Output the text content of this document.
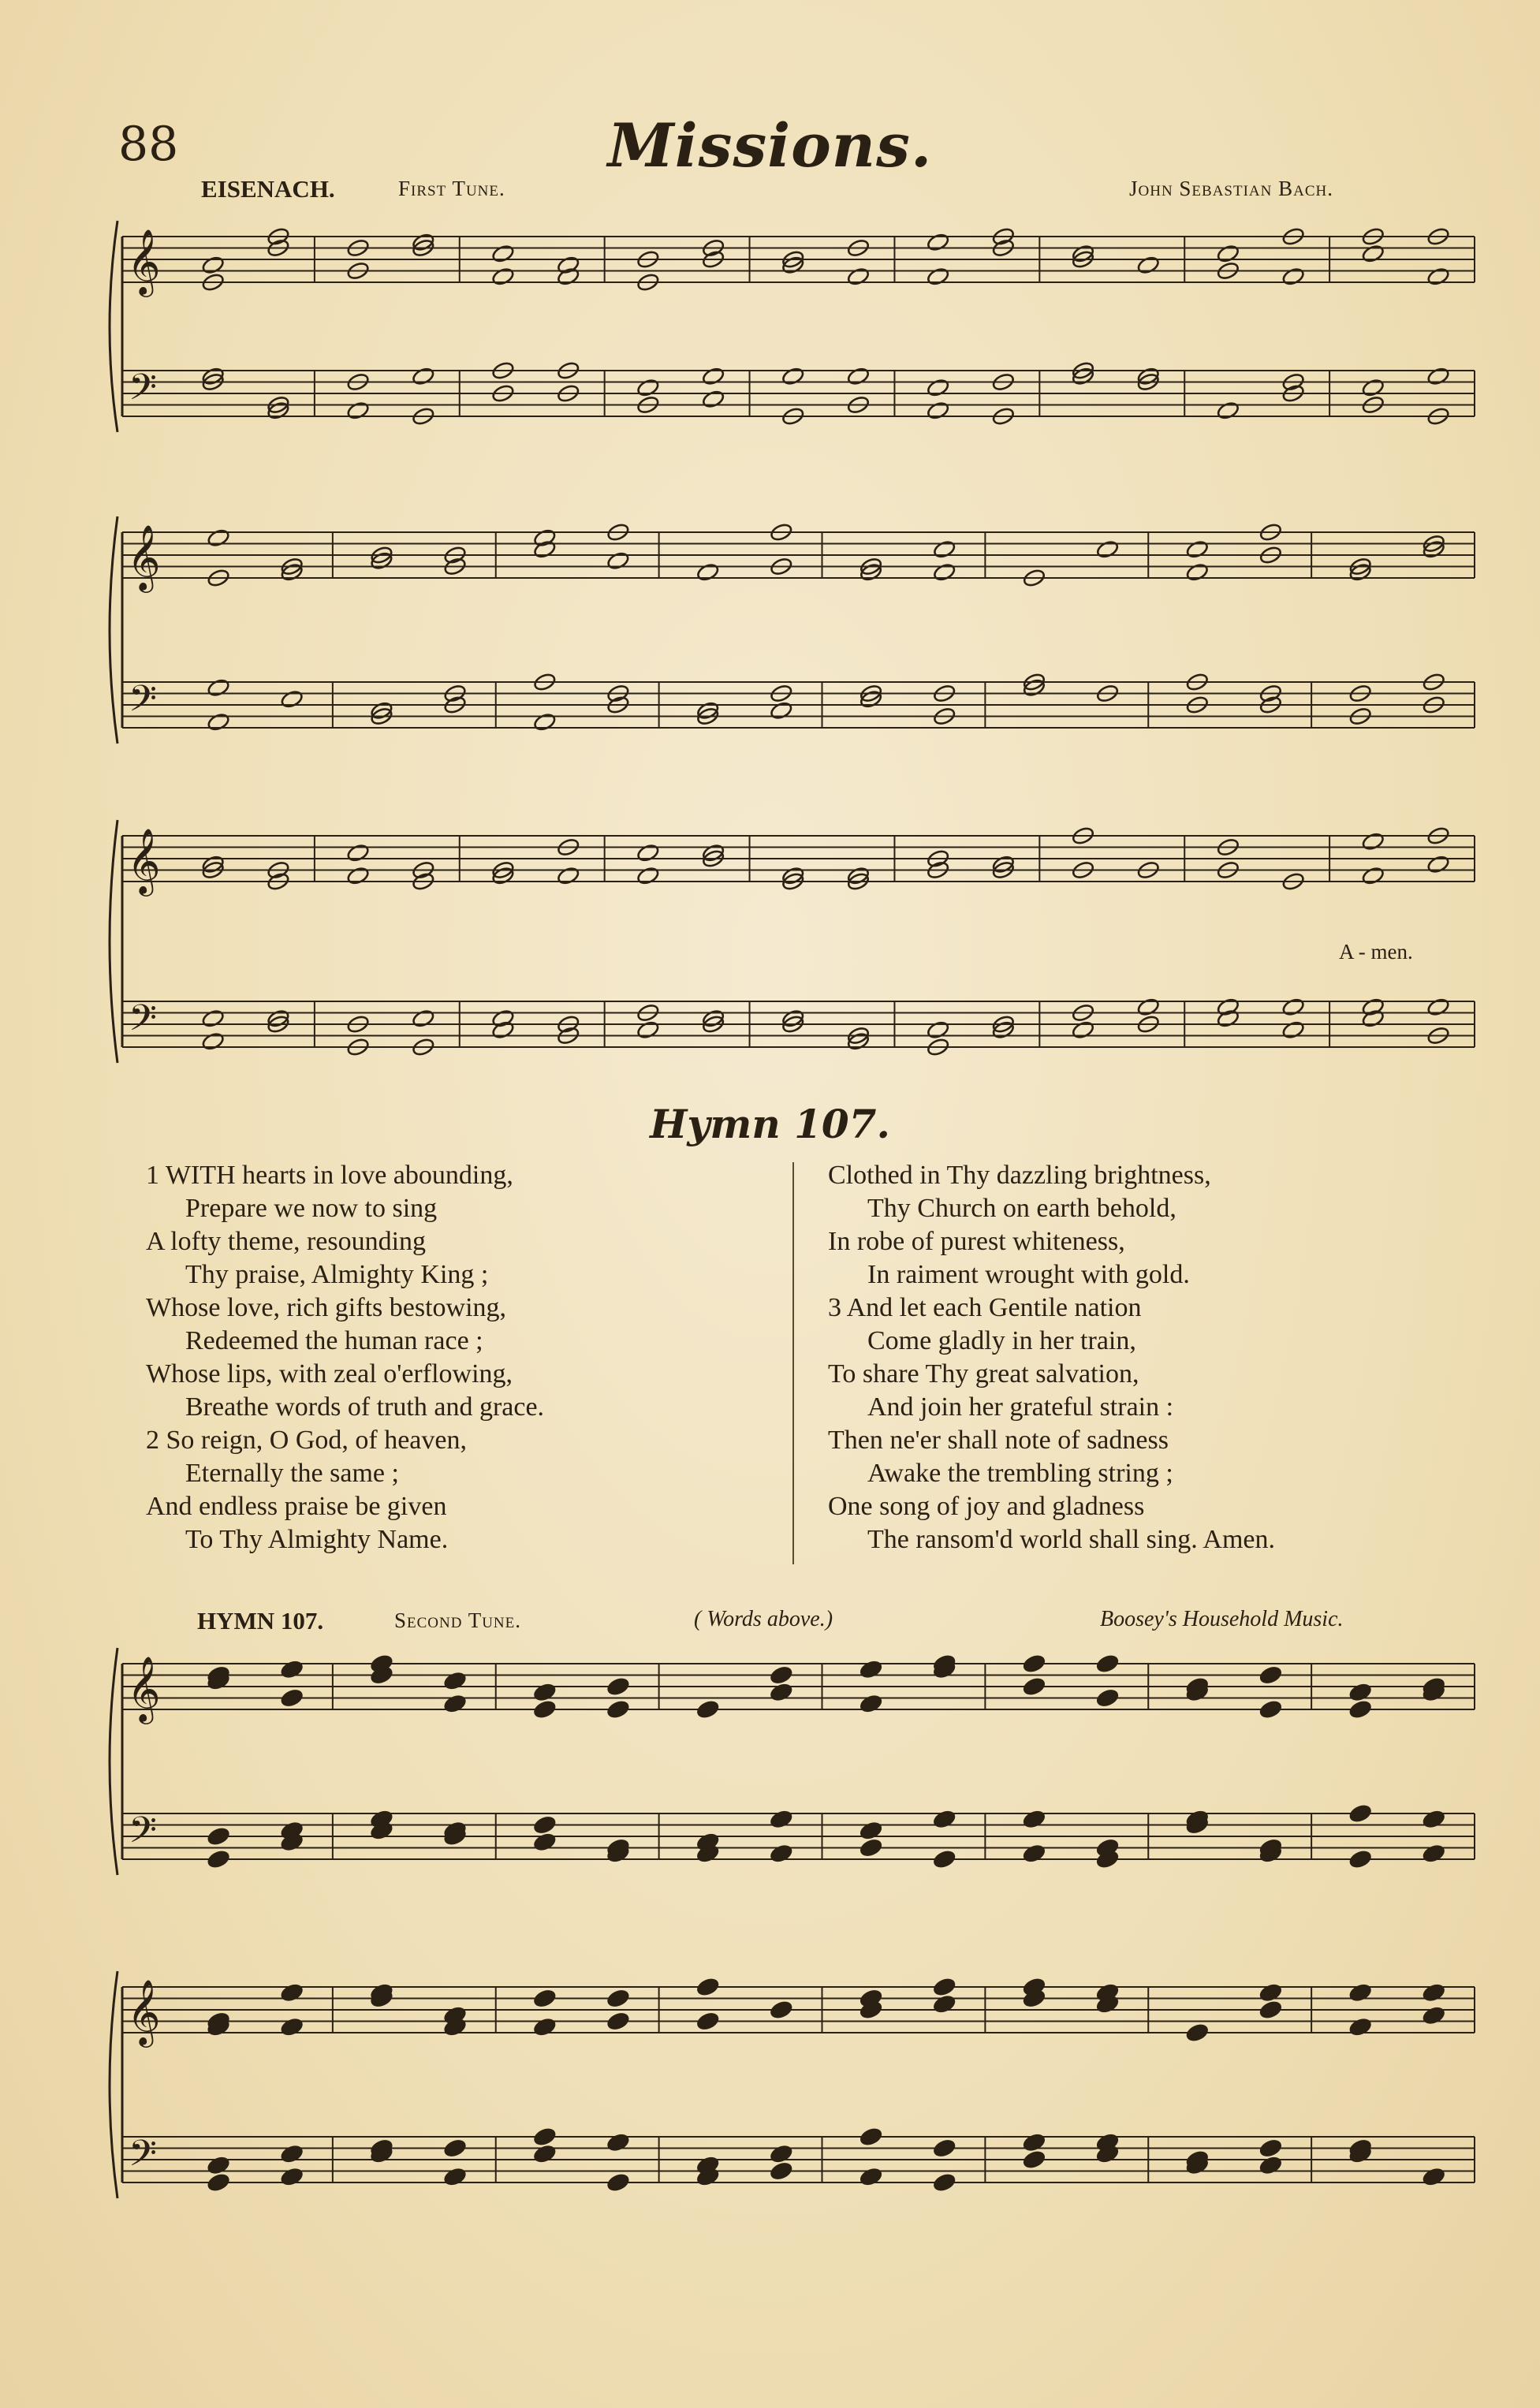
88	Missions.
EISENACH.	First Tune.	John Sebastian Bach.
𝄞
𝄢
𝄞
𝄢
𝄞
𝄢
𝄞
𝄢
𝄞
𝄢
A - men.
Hymn 107.
1 WITH hearts in love abounding,
Prepare we now to sing
A lofty theme, resounding
Thy praise, Almighty King ;
Whose love, rich gifts bestowing,
Redeemed the human race ;
Whose lips, with zeal o'erflowing,
Breathe words of truth and grace.
2 So reign, O God, of heaven,
Eternally the same ;
And endless praise be given
To Thy Almighty Name.
Clothed in Thy dazzling brightness,
Thy Church on earth behold,
In robe of purest whiteness,
In raiment wrought with gold.
3 And let each Gentile nation
Come gladly in her train,
To share Thy great salvation,
And join her grateful strain :
Then ne'er shall note of sadness
Awake the trembling string ;
One song of joy and gladness
The ransom'd world shall sing. Amen.
HYMN 107.	Second Tune.	( Words above.)	Boosey's Household Music.
